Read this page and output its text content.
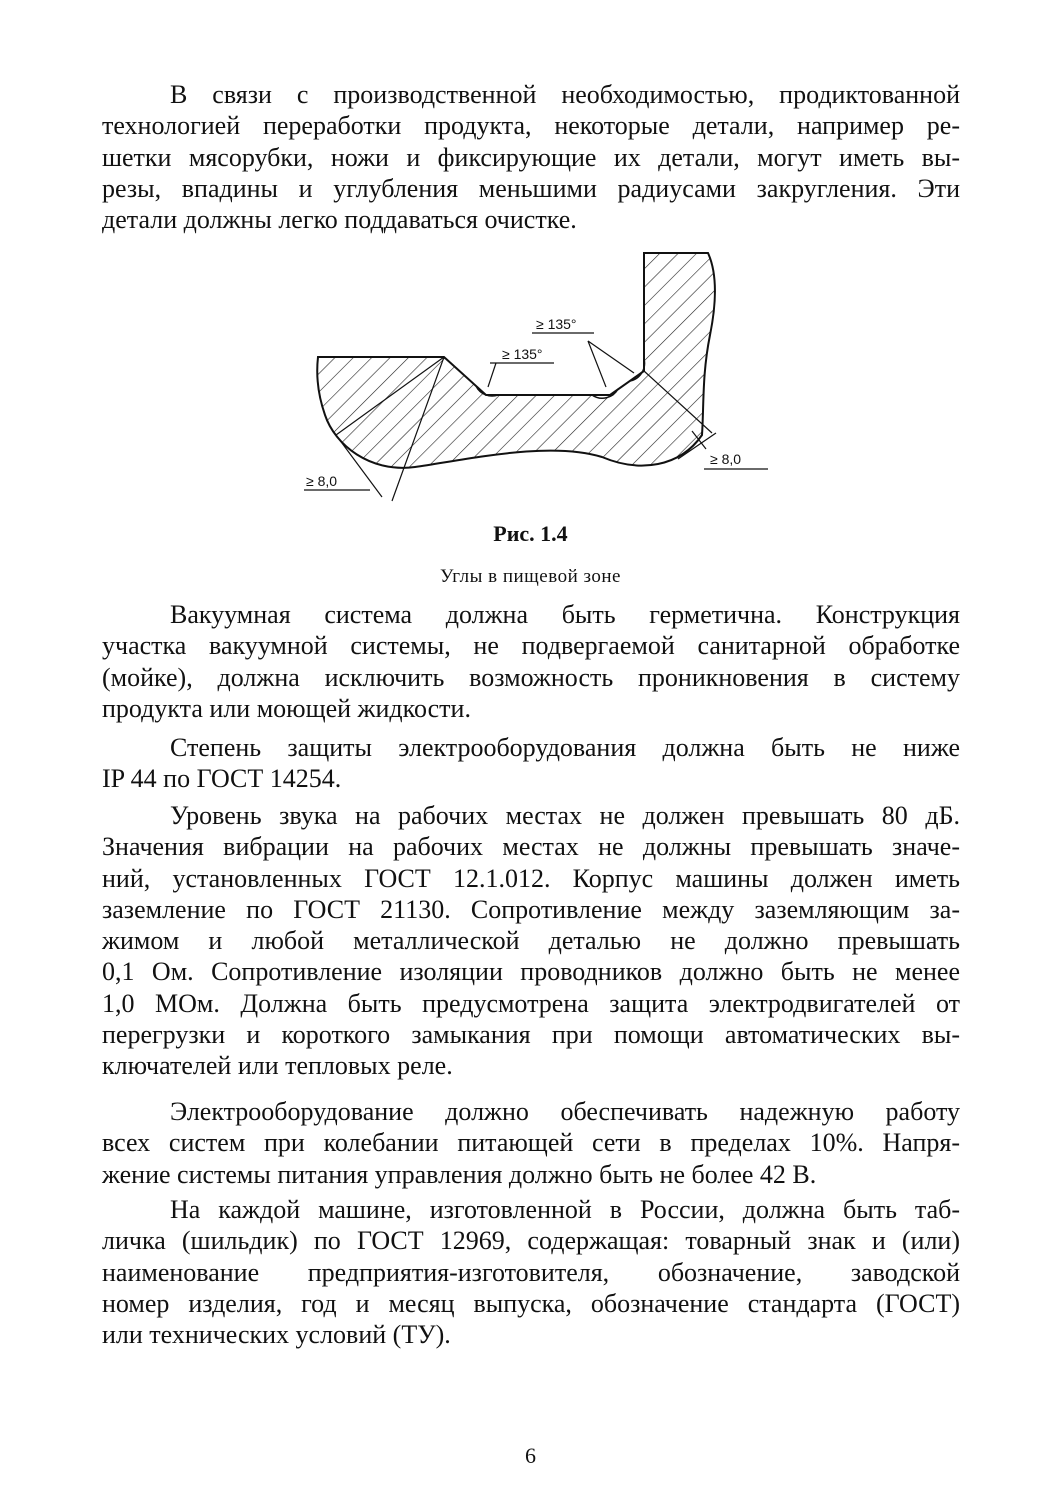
В связи с производственной необходимостью, продиктованной
технологией переработки продукта, некоторые детали, например ре-
шетки мясорубки, ножи и фиксирующие их детали, могут иметь вы-
резы, впадины и углубления меньшими радиусами закругления. Эти
детали должны легко поддаваться очистке.
≥ 135°
≥ 135°
≥ 8,0
≥ 8,0

Рис. 1.4

Углы в пищевой зоне

Вакуумная система должна быть герметична. Конструкция
участка вакуумной системы, не подвергаемой санитарной обработке
(мойке), должна исключить возможность проникновения в систему
продукта или моющей жидкости.
Степень защиты электрооборудования должна быть не ниже
IP 44 по ГОСТ 14254.
Уровень звука на рабочих местах не должен превышать 80 дБ.
Значения вибрации на рабочих местах не должны превышать значе-
ний, установленных ГОСТ 12.1.012. Корпус машины должен иметь
заземление по ГОСТ 21130. Сопротивление между заземляющим за-
жимом и любой металлической деталью не должно превышать
0,1 Ом. Сопротивление изоляции проводников должно быть не менее
1,0 МОм. Должна быть предусмотрена защита электродвигателей от
перегрузки и короткого замыкания при помощи автоматических вы-
ключателей или тепловых реле.
Электрооборудование должно обеспечивать надежную работу
всех систем при колебании питающей сети в пределах 10%. Напря-
жение системы питания управления должно быть не более 42 В.
На каждой машине, изготовленной в России, должна быть таб-
личка (шильдик) по ГОСТ 12969, содержащая: товарный знак и (или)
наименование предприятия-изготовителя, обозначение, заводской
номер изделия, год и месяц выпуска, обозначение стандарта (ГОСТ)
или технических условий (ТУ).
6
